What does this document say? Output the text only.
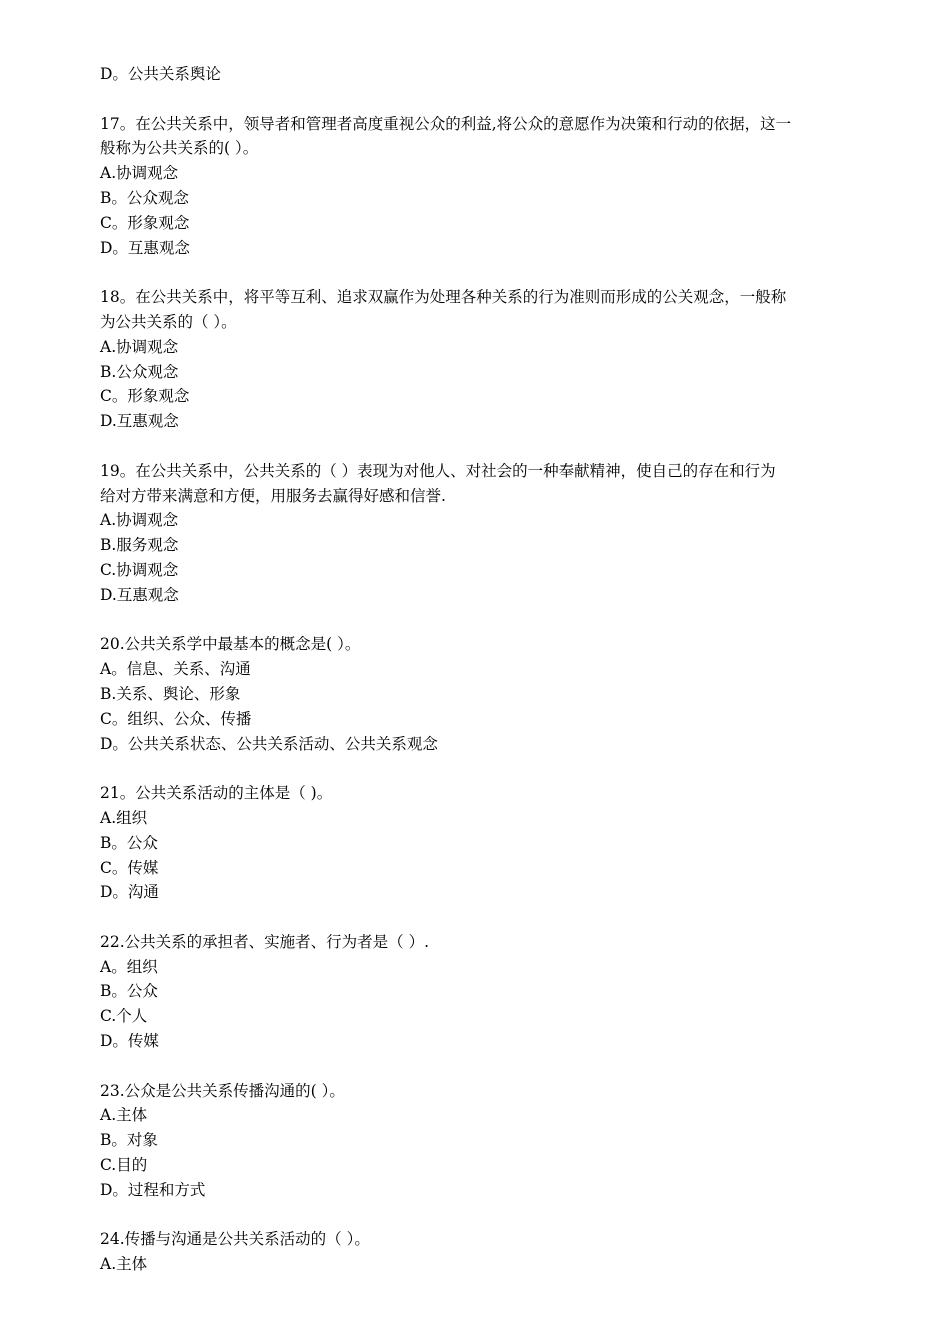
D。公共关系舆论
17。在公共关系中，领导者和管理者高度重视公众的利益,将公众的意愿作为决策和行动的依据，这一
般称为公共关系的( ）。
A.协调观念
B。公众观念
C。形象观念
D。互惠观念
18。在公共关系中，将平等互利、追求双赢作为处理各种关系的行为准则而形成的公关观念，一般称
为公共关系的（ ）。
A.协调观念
B.公众观念
C。形象观念
D.互惠观念
19。在公共关系中，公共关系的（ ）表现为对他人、对社会的一种奉献精神，使自己的存在和行为
给对方带来满意和方便，用服务去赢得好感和信誉.
A.协调观念
B.服务观念
C.协调观念
D.互惠观念
20.公共关系学中最基本的概念是( ）。
A。信息、关系、沟通
B.关系、舆论、形象
C。组织、公众、传播
D。公共关系状态、公共关系活动、公共关系观念
21。公共关系活动的主体是（ )。
A.组织
B。公众
C。传媒
D。沟通
22.公共关系的承担者、实施者、行为者是（ ）.
A。组织
B。公众
C.个人
D。传媒
23.公众是公共关系传播沟通的( ）。
A.主体
B。对象
C.目的
D。过程和方式
24.传播与沟通是公共关系活动的（ ）。
A.主体
